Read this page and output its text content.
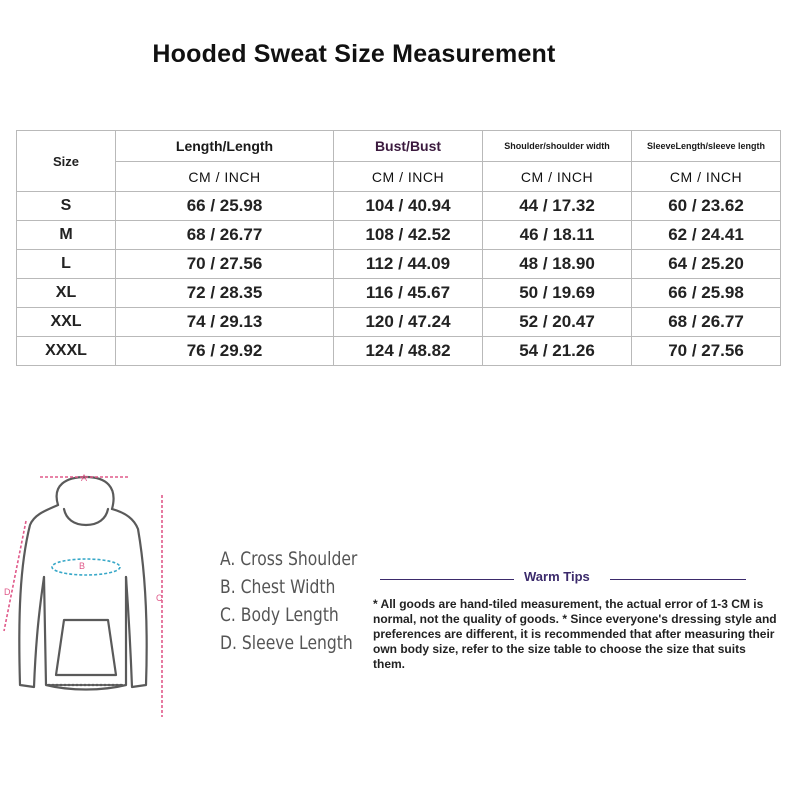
Hooded Sweat Size Measurement
Size	Length/Length	Bust/Bust	Shoulder/shoulder width	SleeveLength/sleeve length
	CM / INCH	CM / INCH	CM / INCH	CM / INCH
S	66 / 25.98	104 / 40.94	44 / 17.32	60 / 23.62
M	68 / 26.77	108 / 42.52	46 / 18.11	62 / 24.41
L	70 / 27.56	112 / 44.09	48 / 18.90	64 / 25.20
XL	72 / 28.35	116 / 45.67	50 / 19.69	66 / 25.98
XXL	74 / 29.13	120 / 47.24	52 / 20.47	68 / 26.77
XXXL	76 / 29.92	124 / 48.82	54 / 21.26	70 / 27.56
A
B
C
D
A. Cross Shoulder
B. Chest Width
C. Body Length
D. Sleeve Length
Warm Tips
* All goods are hand-tiled measurement, the actual error of 1-3 CM is normal, not the quality of goods. * Since everyone's dressing style and preferences are different, it is recommended that after measuring their own body size, refer to the size table to choose the size that suits them.
